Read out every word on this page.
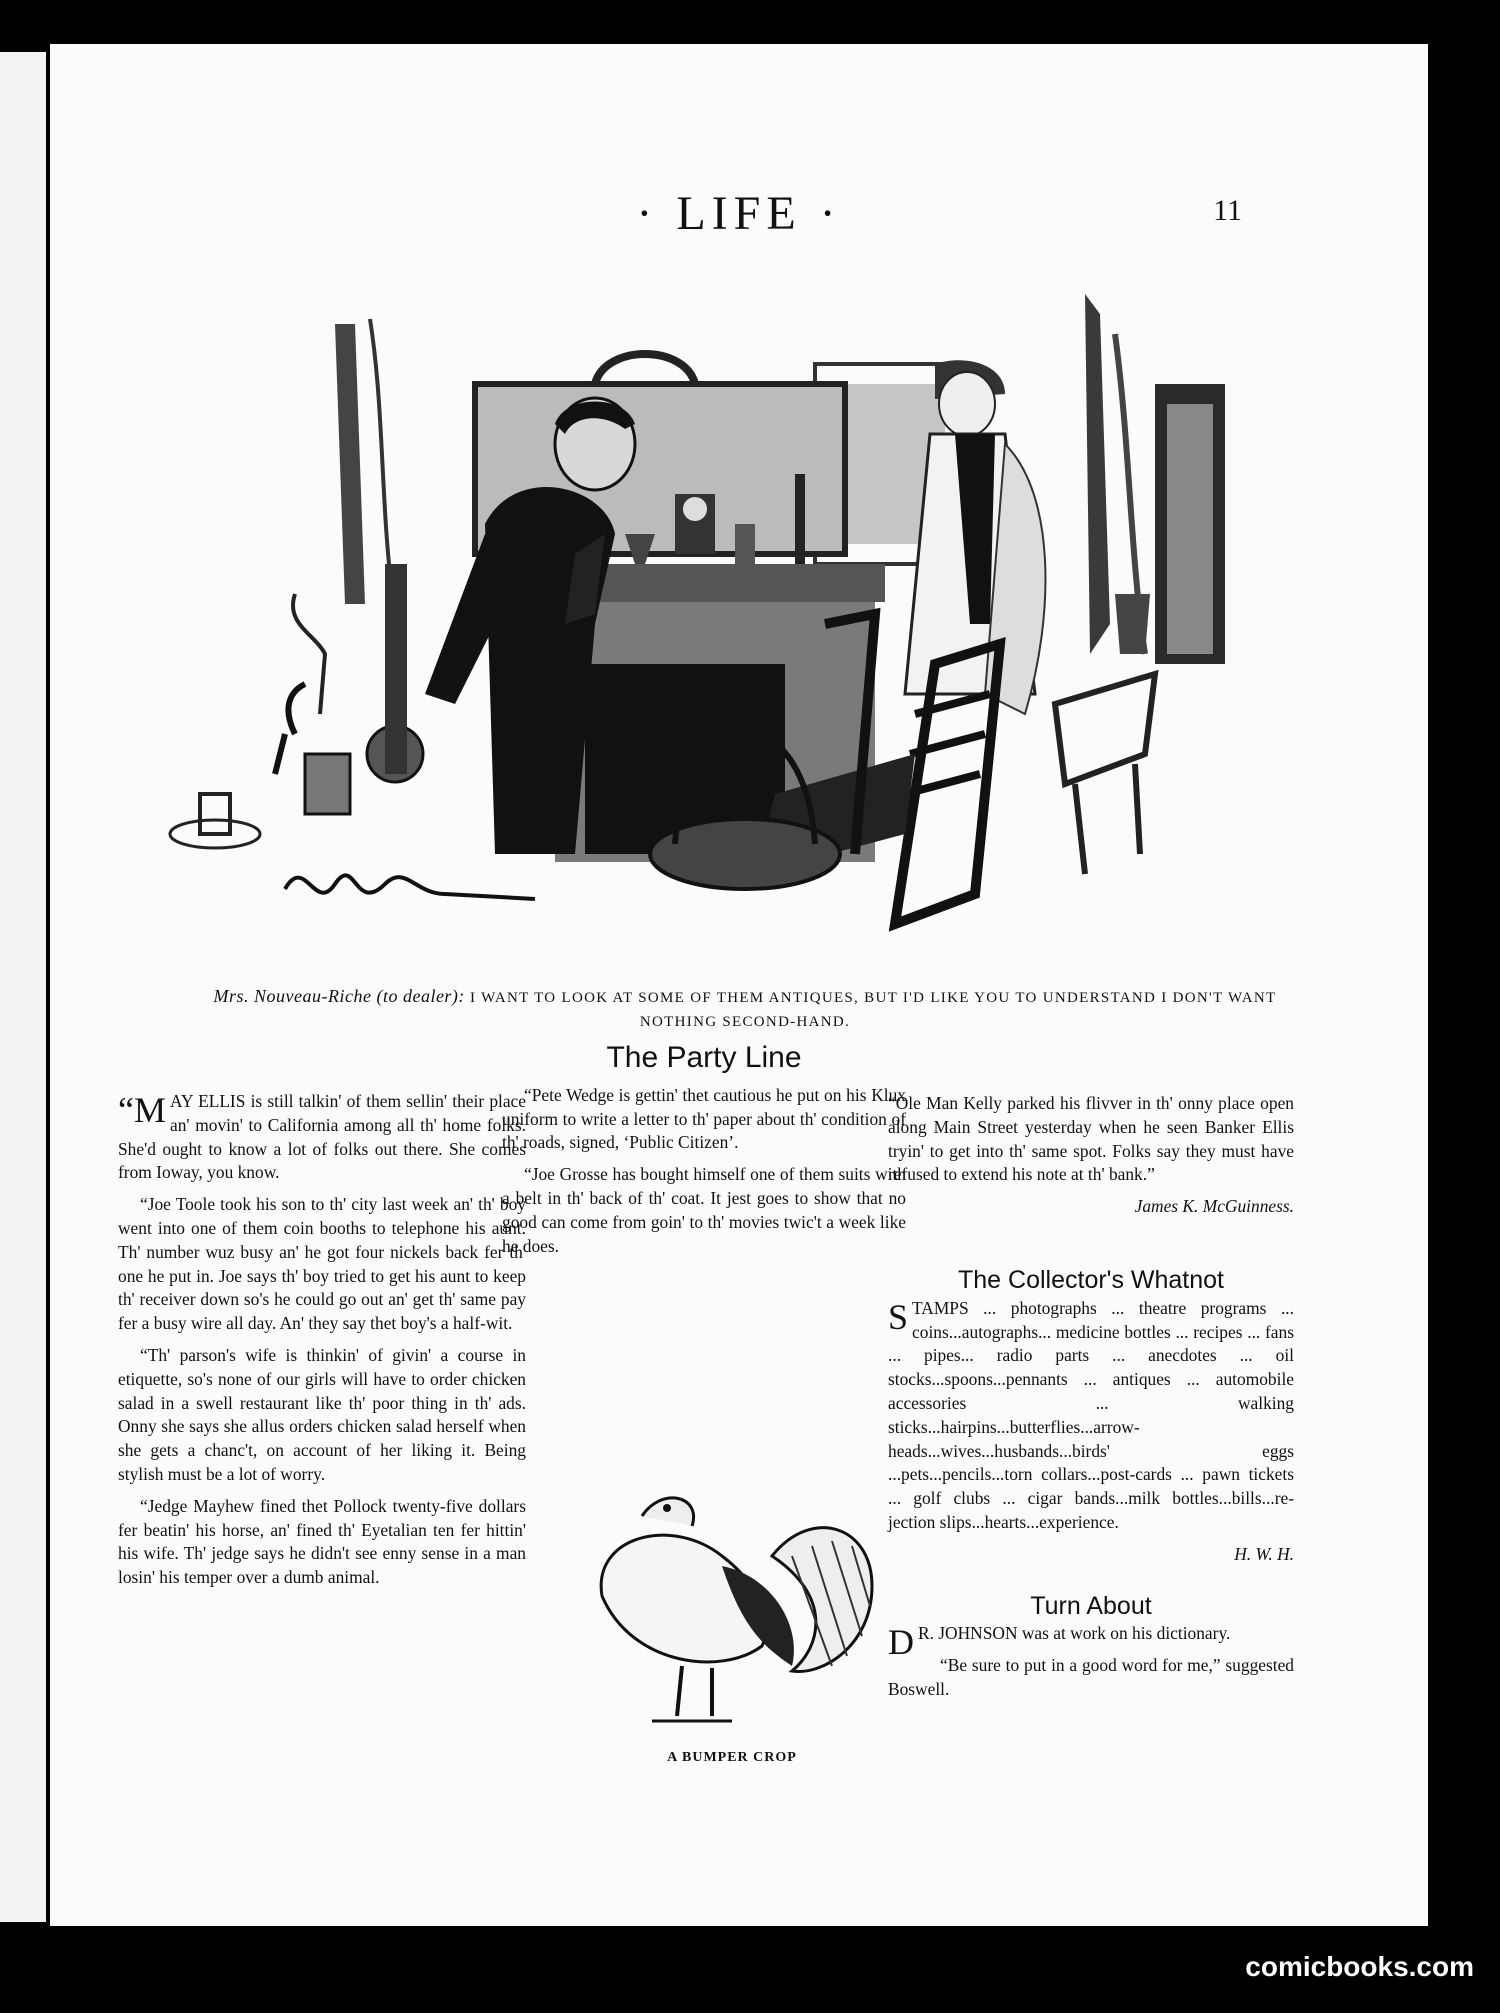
· LIFE ·	11
Arthur J. Dove
Mrs. Nouveau-Riche (to dealer): I WANT TO LOOK AT SOME OF THEM ANTIQUES, BUT I'D LIKE YOU TO UNDERSTAND I DON'T WANT NOTHING SECOND-HAND.

“MAY ELLIS is still talkin' of them sellin' their place an' movin' to California among all th' home folks. She'd ought to know a lot of folks out there. She comes from Ioway, you know.

“Joe Toole took his son to th' city last week an' th' boy went into one of them coin booths to telephone his aunt. Th' number wuz busy an' he got four nickels back fer th' one he put in. Joe says th' boy tried to get his aunt to keep th' receiver down so's he could go out an' get th' same pay fer a busy wire all day. An' they say thet boy's a half-wit.

“Th' parson's wife is thinkin' of givin' a course in etiquette, so's none of our girls will have to order chicken salad in a swell restaurant like th' poor thing in th' ads. Onny she says she allus orders chicken salad herself when she gets a chanc't, on account of her liking it. Being stylish must be a lot of worry.

“Jedge Mayhew fined thet Pollock twenty-five dollars fer beatin' his horse, an' fined th' Eyetalian ten fer hittin' his wife. Th' jedge says he didn't see enny sense in a man losin' his temper over a dumb animal.

The Party Line

“Pete Wedge is gettin' thet cautious he put on his Klux uniform to write a letter to th' paper about th' condition of th' roads, signed, ‘Public Citizen’.

“Joe Grosse has bought himself one of them suits with a belt in th' back of th' coat. It jest goes to show that no good can come from goin' to th' movies twic't a week like he does.

“Ole Man Kelly parked his flivver in th' onny place open along Main Street yesterday when he seen Banker Ellis tryin' to get into th' same spot. Folks say they must have refused to extend his note at th' bank.”

James K. McGuinness.

The Collector's Whatnot

STAMPS ... photographs ... theatre programs ... coins...autographs... medicine bottles ... recipes ... fans ... pipes... radio parts ... anecdotes ... oil stocks...spoons...pennants ... antiques ... automobile accessories ... walking sticks...hairpins...butterflies...arrow-heads...wives...husbands...birds' eggs ...pets...pencils...torn collars...post-cards ... pawn tickets ... golf clubs ... cigar bands...milk bottles...bills...re-jection slips...hearts...experience.

H. W. H.

Turn About

D R. JOHNSON was at work on his dictionary.

“Be sure to put in a good word for me,” suggested Boswell.

A BUMPER CROP
comicbooks.com
